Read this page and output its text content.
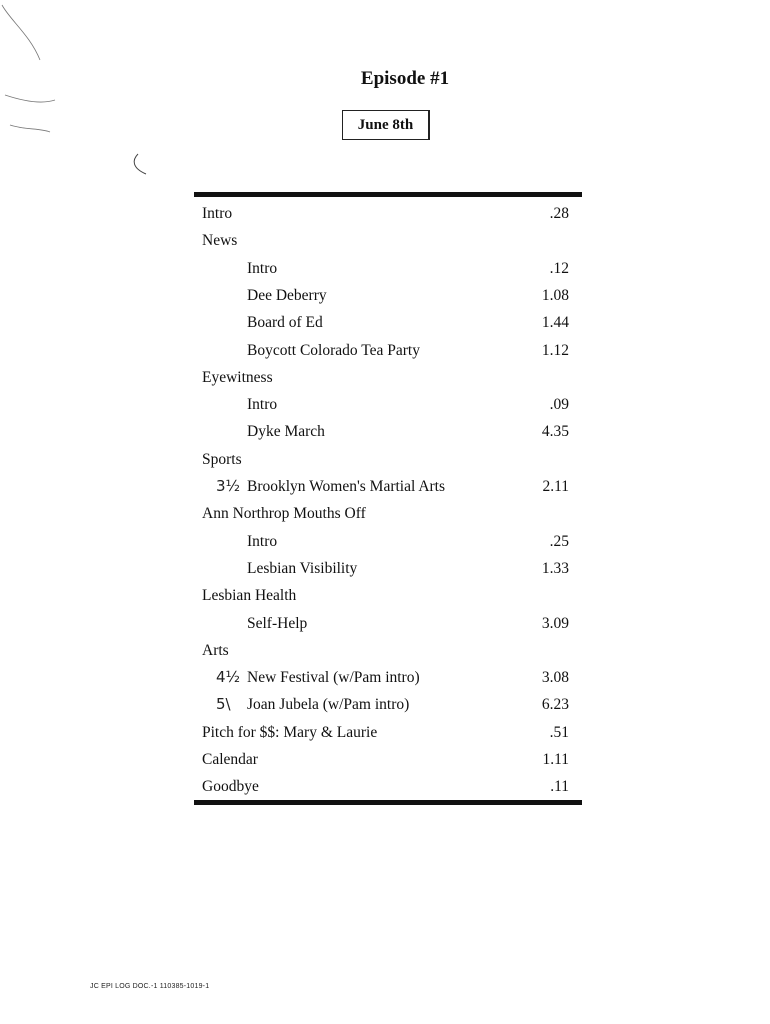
Episode #1
June 8th
Intro	.28
News
Intro	.12
Dee Deberry	1.08
Board of Ed	1.44
Boycott Colorado Tea Party	1.12
Eyewitness
Intro	.09
Dyke March	4.35
Sports
3½ Brooklyn Women's Martial Arts	2.11
Ann Northrop Mouths Off
Intro	.25
Lesbian Visibility	1.33
Lesbian Health
Self-Help	3.09
Arts
4½ New Festival (w/Pam intro)	3.08
5\ Joan Jubela (w/Pam intro)	6.23
Pitch for $$: Mary & Laurie	.51
Calendar	1.11
Goodbye	.11
JC EPI LOG DOC.-1 110385-1019-1
